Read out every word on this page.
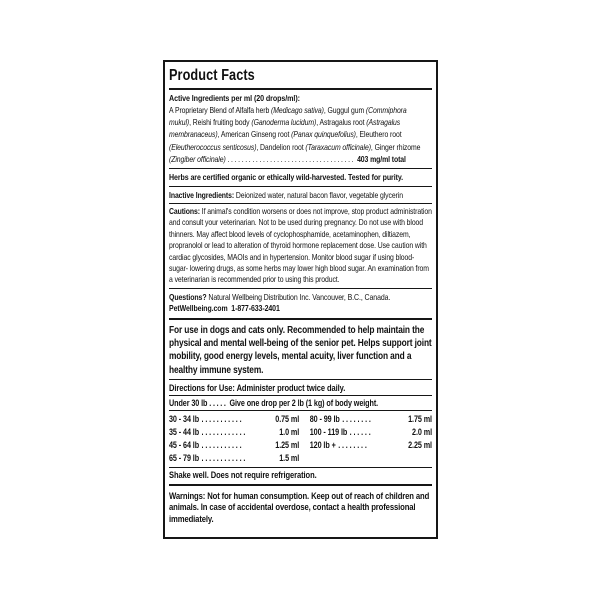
Product Facts
Active Ingredients per ml (20 drops/ml):
A Proprietary Blend of Alfalfa herb (Medicago sativa), Guggul gum (Commiphora
mukul), Reishi fruiting body (Ganoderma lucidum), Astragalus root (Astragalus
membranaceus), American Ginseng root (Panax quinquefolius), Eleuthero root
(Eleutherococcus senticosus), Dandelion root (Taraxacum officinale), Ginger rhizome
(Zingiber officinale) .................................... 403 mg/ml total
Herbs are certified organic or ethically wild-harvested. Tested for purity.
Inactive Ingredients: Deionized water, natural bacon flavor, vegetable glycerin
Cautions: If animal's condition worsens or does not improve, stop product administration and consult your veterinarian. Not to be used during pregnancy. Do not use with blood thinners. May affect blood levels of cyclophosphamide, acetaminophen, diltiazem, propranolol or lead to alteration of thyroid hormone replacement dose. Use caution with cardiac glycosides, MAOIs and in hypertension. Monitor blood sugar if using blood-sugar- lowering drugs, as some herbs may lower high blood sugar. An examination from a veterinarian is recommended prior to using this product.
Questions? Natural Wellbeing Distribution Inc. Vancouver, B.C., Canada.
PetWellbeing.com  1-877-633-2401
For use in dogs and cats only. Recommended to help maintain the physical and mental well-being of the senior pet. Helps support joint mobility, good energy levels, mental acuity, liver function and a healthy immune system.
Directions for Use: Administer product twice daily.
Under 30 lb ..... Give one drop per 2 lb (1 kg) of body weight.
30 - 34 lb ...........	0.75 ml
35 - 44 lb ............	1.0 ml
45 - 64 lb ...........	1.25 ml
65 - 79 lb ............	1.5 ml
80 - 99 lb ........	1.75 ml
100 - 119 lb ......	2.0 ml
120 lb + ........	2.25 ml
Shake well. Does not require refrigeration.
Warnings: Not for human consumption. Keep out of reach of children and animals. In case of accidental overdose, contact a health professional immediately.
